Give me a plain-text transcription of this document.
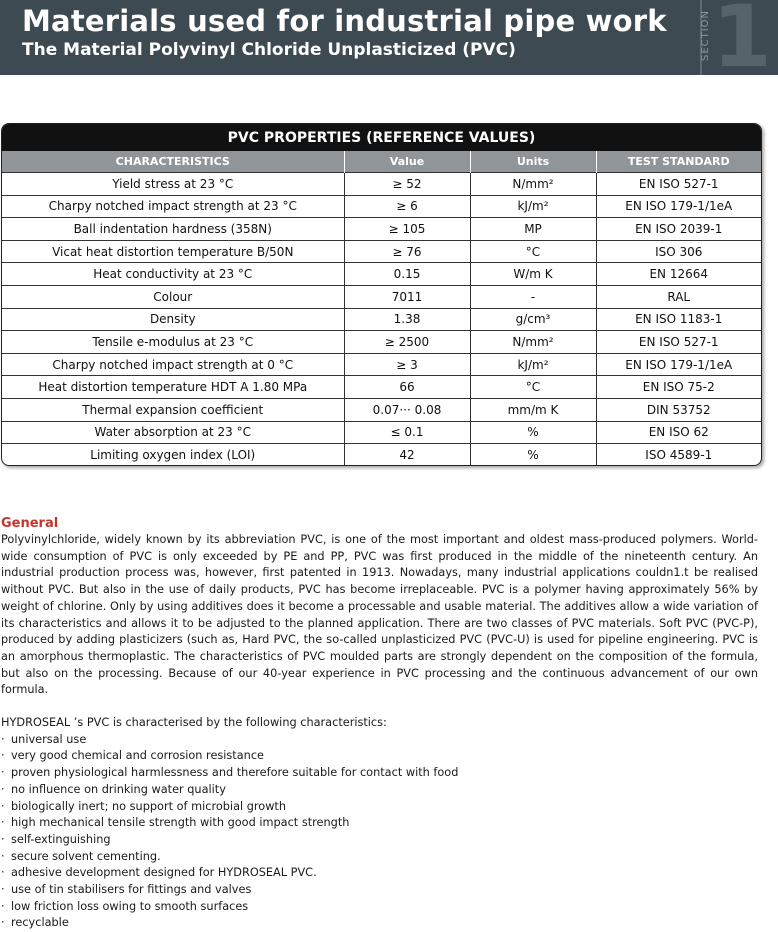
Materials used for industrial pipe work
The Material Polyvinyl Chloride Unplasticized (PVC)	SECTION 1
PVC PROPERTIES (REFERENCE VALUES)
CHARACTERISTICS	Value	Units	TEST STANDARD
Yield stress at 23 °C	≥ 52	N/mm²	EN ISO 527-1
Charpy notched impact strength at 23 °C	≥ 6	kJ/m²	EN ISO 179-1/1eA
Ball indentation hardness (358N)	≥ 105	MP	EN ISO 2039-1
Vicat heat distortion temperature B/50N	≥ 76	°C	ISO 306
Heat conductivity at 23 °C	0.15	W/m K	EN 12664
Colour	7011	-	RAL
Density	1.38	g/cm³	EN ISO 1183-1
Tensile e-modulus at 23 °C	≥ 2500	N/mm²	EN ISO 527-1
Charpy notched impact strength at 0 °C	≥ 3	kJ/m²	EN ISO 179-1/1eA
Heat distortion temperature HDT A 1.80 MPa	66	°C	EN ISO 75-2
Thermal expansion coefficient	0.07··· 0.08	mm/m K	DIN 53752
Water absorption at 23 °C	≤ 0.1	%	EN ISO 62
Limiting oxygen index (LOI)	42	%	ISO 4589-1
General

Polyvinylchloride, widely known by its abbreviation PVC, is one of the most important and oldest mass-produced polymers. World-wide consumption of PVC is only exceeded by PE and PP, PVC was first produced in the middle of the nineteenth century. An industrial production process was, however, first patented in 1913. Nowadays, many industrial applications couldn1.t be realised without PVC. But also in the use of daily products, PVC has become irreplaceable. PVC is a polymer having approximately 56% by weight of chlorine. Only by using additives does it become a processable and usable material. The additives allow a wide variation of its characteristics and allows it to be adjusted to the planned application. There are two classes of PVC materials. Soft PVC (PVC-P), produced by adding plasticizers (such as, Hard PVC, the so-called unplasticized PVC (PVC-U) is used for pipeline engineering. PVC is an amorphous thermoplastic. The characteristics of PVC moulded parts are strongly dependent on the composition of the formula, but also on the processing. Because of our 40-year experience in PVC processing and the continuous advancement of our own formula.

HYDROSEAL ’s PVC is characterised by the following characteristics:
· universal use
· very good chemical and corrosion resistance
· proven physiological harmlessness and therefore suitable for contact with food
· no influence on drinking water quality
· biologically inert; no support of microbial growth
· high mechanical tensile strength with good impact strength
· self-extinguishing
· secure solvent cementing.
· adhesive development designed for HYDROSEAL PVC.
· use of tin stabilisers for fittings and valves
· low friction loss owing to smooth surfaces
· recyclable
